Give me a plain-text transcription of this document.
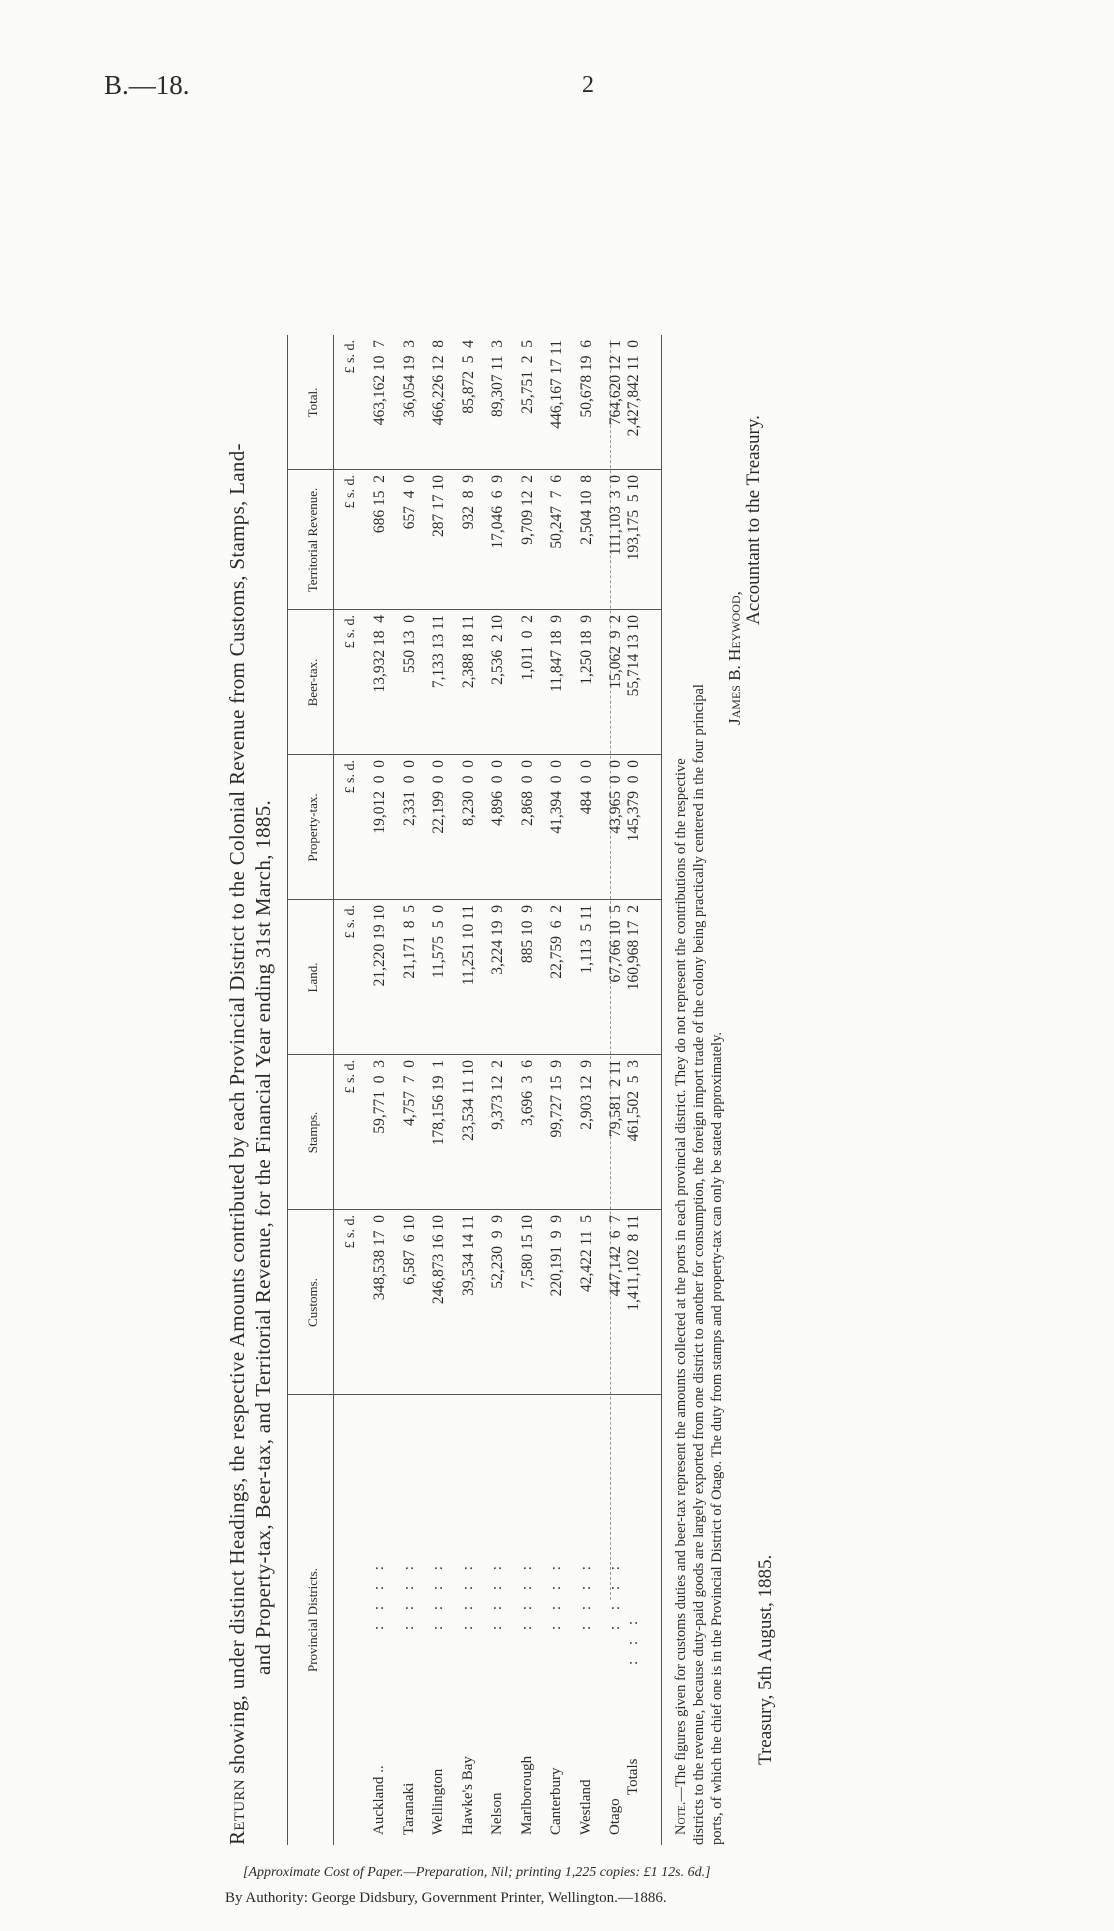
B.—18.	2
Return showing, under distinct Headings, the respective Amounts contributed by each Provincial District to the Colonial Revenue from Customs, Stamps, Land- and Property-tax, Beer-tax, and Territorial Revenue, for the Financial Year ending 31st March, 1885. Provincial Districts.
Customs.
Stamps.
Land.
Property-tax.
Beer-tax.
Territorial Revenue.
Total.
£ s. d.
£ s. d.
£ s. d.
£ s. d.
£ s. d.
£ s. d.
£ s. d.
Auckland ..
: : : :
348,538 17  0
59,771  0  3
21,220 19 10
19,012  0  0
13,932 18  4
686 15  2
463,162 10  7
Taranaki
: : : :
6,587  6 10
4,757  7  0
21,171  8  5
2,331  0  0
550 13  0
657  4  0
36,054 19  3
Wellington
: : : :
246,873 16 10
178,156 19  1
11,575  5  0
22,199  0  0
7,133 13 11
287 17 10
466,226 12  8
Hawke's Bay
: : : :
39,534 14 11
23,534 11 10
11,251 10 11
8,230  0  0
2,388 18 11
932  8  9
85,872  5  4
Nelson
: : : :
52,230  9  9
9,373 12  2
3,224 19  9
4,896  0  0
2,536  2 10
17,046  6  9
89,307 11  3
Marlborough
: : : :
7,580 15 10
3,696  3  6
885 10  9
2,868  0  0
1,011  0  2
9,709 12  2
25,751  2  5
Canterbury
: : : :
220,191  9  9
99,727 15  9
22,759  6  2
41,394  0  0
11,847 18  9
50,247  7  6
446,167 17 11
Westland
: : : :
42,422 11  5
2,903 12  9
1,113  5 11
484  0  0
1,250 18  9
2,504 10  8
50,678 19  6
Otago
: : : :
447,142  6  7
79,581  2 11
67,766 10  5
43,965  0  0
15,062  9  2
111,103  3  0
764,620 12  1
Totals
: : :
1,411,102  8 11
461,502  5  3
160,968 17  2
145,379  0  0
55,714 13 10
193,175  5 10
2,427,842 11  0
Note.—The figures given for customs duties and beer-tax represent the amounts collected at the ports in each provincial district. They do not represent the contributions of the respective districts to the revenue, because duty-paid goods are largely exported from one district to another for consumption, the foreign import trade of the colony being practically centered in the four principal ports, of which the chief one is in the Provincial District of Otago. The duty from stamps and property-tax can only be stated approximately.
James B. Heywood,
Accountant to the Treasury.
Treasury, 5th August, 1885.
[Approximate Cost of Paper.—Preparation, Nil; printing 1,225 copies: £1 12s. 6d.]
By Authority: George Didsbury, Government Printer, Wellington.—1886.
